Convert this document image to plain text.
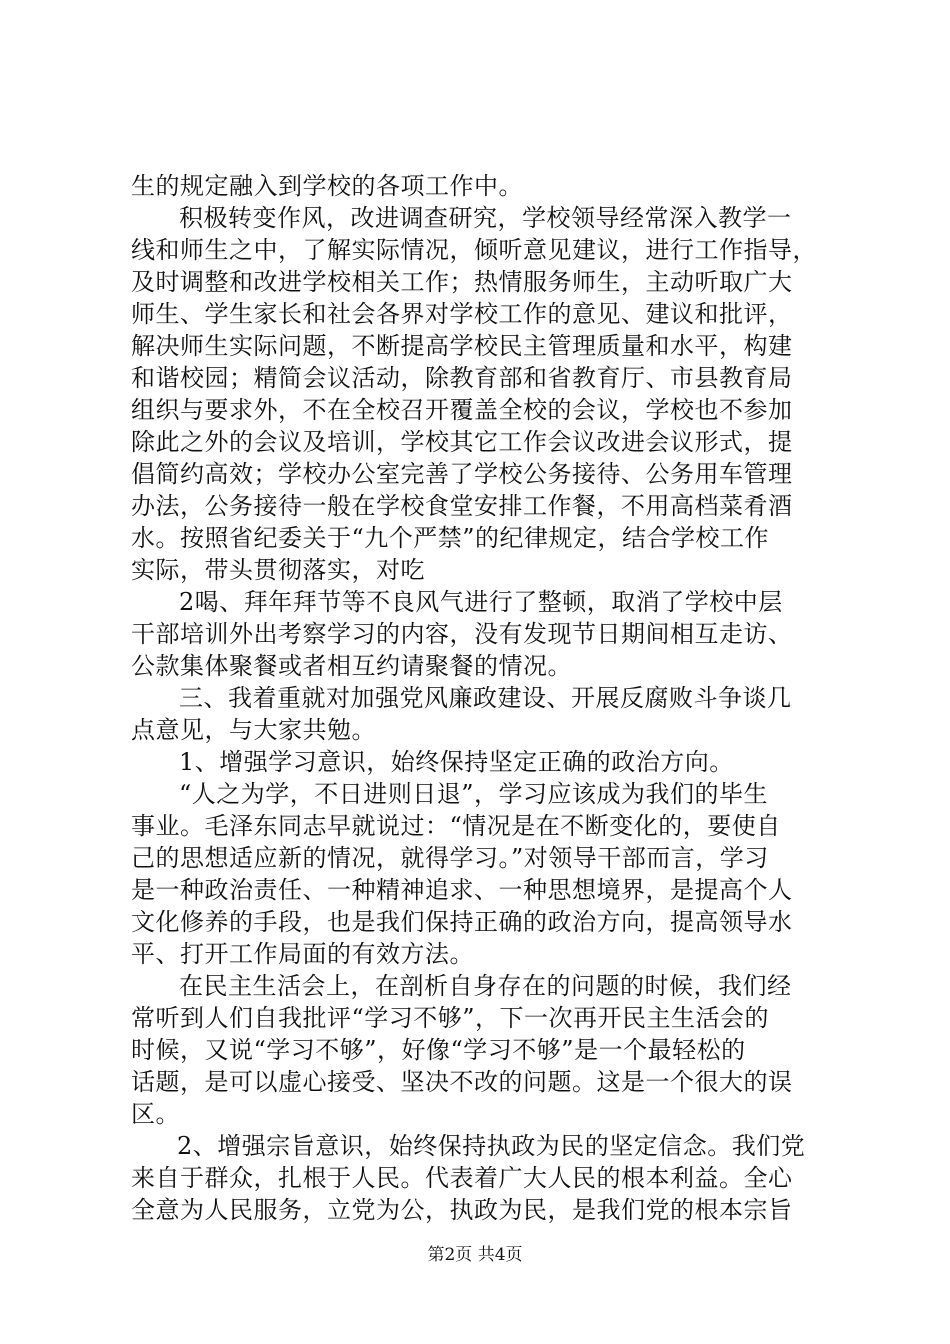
生的规定融入到学校的各项工作中。
积极转变作风，改进调查研究，学校领导经常深入教学一
线和师生之中，了解实际情况，倾听意见建议，进行工作指导，
及时调整和改进学校相关工作；热情服务师生，主动听取广大
师生、学生家长和社会各界对学校工作的意见、建议和批评，
解决师生实际问题，不断提高学校民主管理质量和水平，构建
和谐校园；精简会议活动，除教育部和省教育厅、市县教育局
组织与要求外，不在全校召开覆盖全校的会议，学校也不参加
除此之外的会议及培训，学校其它工作会议改进会议形式，提
倡简约高效；学校办公室完善了学校公务接待、公务用车管理
办法，公务接待一般在学校食堂安排工作餐，不用高档菜肴酒
水。按照省纪委关于“九个严禁”的纪律规定，结合学校工作
实际，带头贯彻落实，对吃
2喝、拜年拜节等不良风气进行了整顿，取消了学校中层
干部培训外出考察学习的内容，没有发现节日期间相互走访、
公款集体聚餐或者相互约请聚餐的情况。
三、我着重就对加强党风廉政建设、开展反腐败斗争谈几
点意见，与大家共勉。
1、增强学习意识，始终保持坚定正确的政治方向。
“人之为学，不日进则日退”，学习应该成为我们的毕生
事业。毛泽东同志早就说过：“情况是在不断变化的，要使自
己的思想适应新的情况，就得学习。”对领导干部而言，学习
是一种政治责任、一种精神追求、一种思想境界，是提高个人
文化修养的手段，也是我们保持正确的政治方向，提高领导水
平、打开工作局面的有效方法。
在民主生活会上，在剖析自身存在的问题的时候，我们经
常听到人们自我批评“学习不够”，下一次再开民主生活会的
时候，又说“学习不够”，好像“学习不够”是一个最轻松的
话题，是可以虚心接受、坚决不改的问题。这是一个很大的误
区。
2、增强宗旨意识，始终保持执政为民的坚定信念。我们党
来自于群众，扎根于人民。代表着广大人民的根本利益。全心
全意为人民服务，立党为公，执政为民，是我们党的根本宗旨
第2页 共4页
